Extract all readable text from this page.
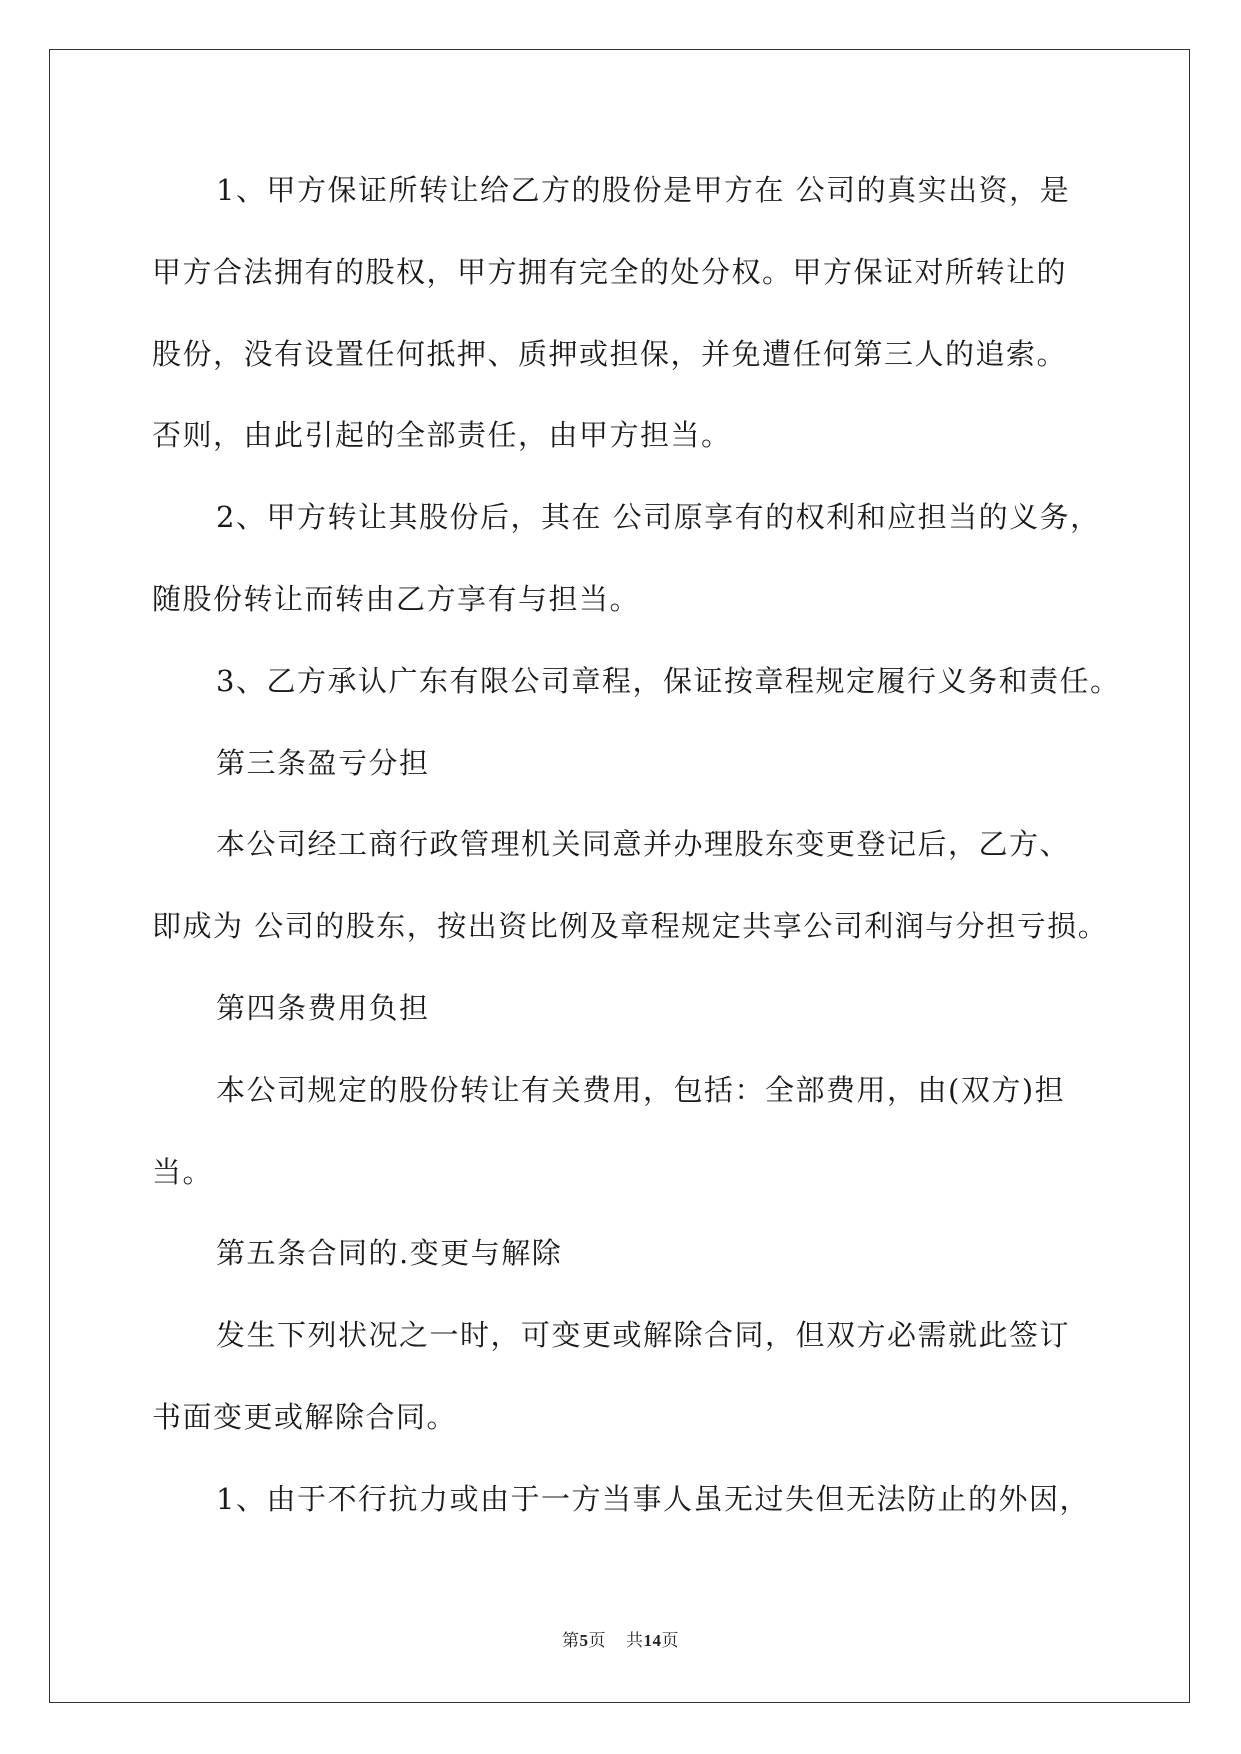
1、甲方保证所转让给乙方的股份是甲方在 公司的真实出资，是
甲方合法拥有的股权，甲方拥有完全的处分权。甲方保证对所转让的
股份，没有设置任何抵押、质押或担保，并免遭任何第三人的追索。
否则，由此引起的全部责任，由甲方担当。
2、甲方转让其股份后，其在 公司原享有的权利和应担当的义务，
随股份转让而转由乙方享有与担当。
3、乙方承认广东有限公司章程，保证按章程规定履行义务和责任。
第三条盈亏分担
本公司经工商行政管理机关同意并办理股东变更登记后，乙方、
即成为 公司的股东，按出资比例及章程规定共享公司利润与分担亏损。
第四条费用负担
本公司规定的股份转让有关费用，包括：全部费用，由(双方)担
当。
第五条合同的.变更与解除
发生下列状况之一时，可变更或解除合同，但双方必需就此签订
书面变更或解除合同。
1、由于不行抗力或由于一方当事人虽无过失但无法防止的外因，
第5页 共14页
